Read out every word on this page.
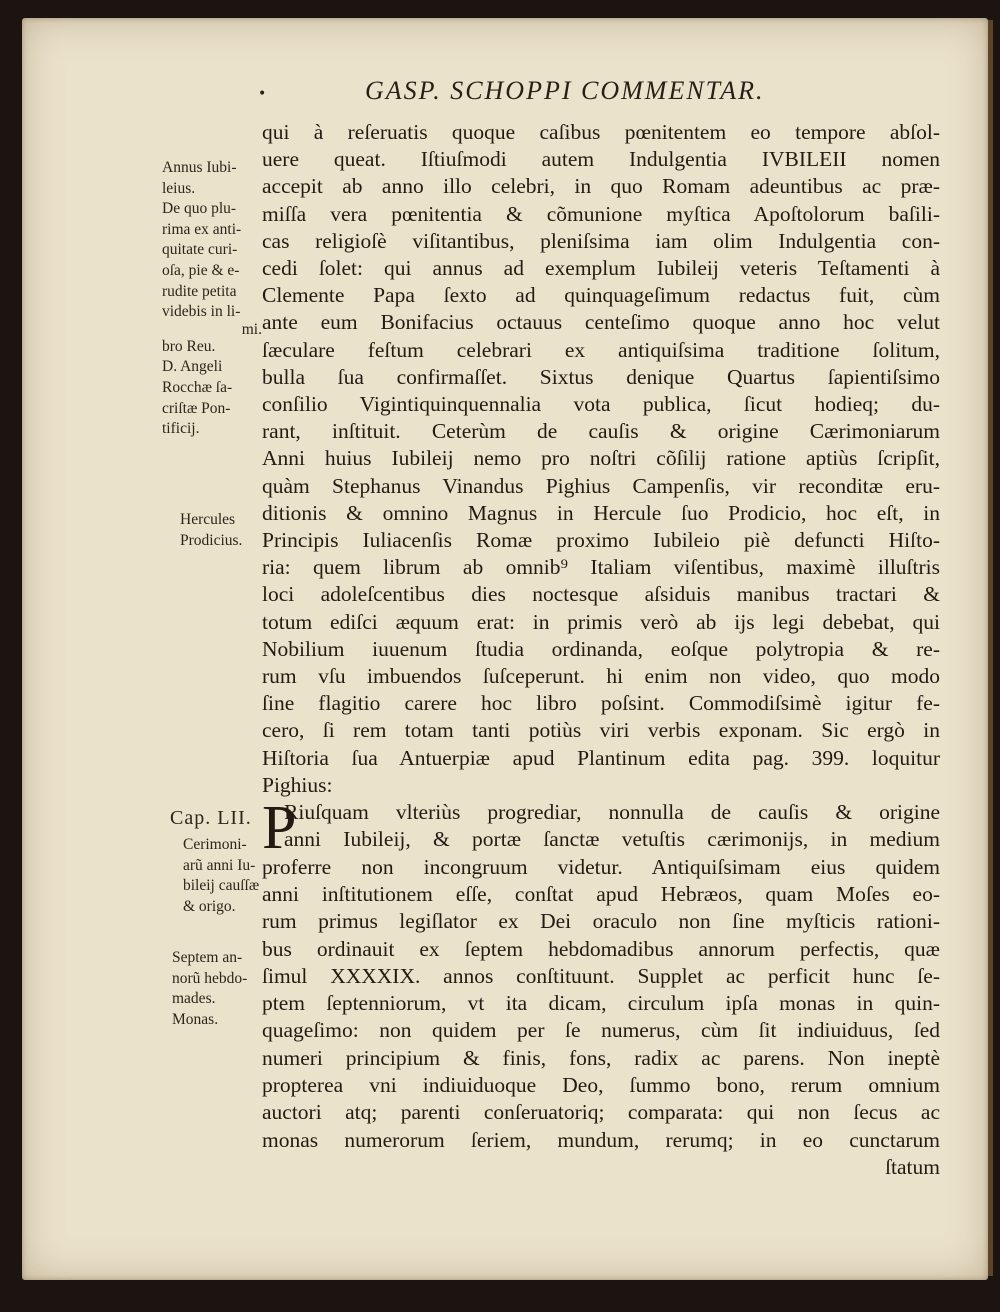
•	GASP. SCHOPPI COMMENTAR.
P
qui à reſeruatis quoque caſibus pœnitentem eo tempore abſol-
uere queat. Iſtiuſmodi autem Indulgentia IVBILEII nomen
accepit ab anno illo celebri, in quo Romam adeuntibus ac præ-
miſſa vera pœnitentia & cõmunione myſtica Apoſtolorum baſili-
cas religioſè viſitantibus, pleniſsima iam olim Indulgentia con-
cedi ſolet: qui annus ad exemplum Iubileij veteris Teſtamenti à
Clemente Papa ſexto ad quinquageſimum redactus fuit, cùm
ante eum Bonifacius octauus centeſimo quoque anno hoc velut
ſæculare feſtum celebrari ex antiquiſsima traditione ſolitum,
bulla ſua confirmaſſet. Sixtus denique Quartus ſapientiſsimo
conſilio Vigintiquinquennalia vota publica, ſicut hodieq; du-
rant, inſtituit. Ceterùm de cauſis & origine Cærimoniarum
Anni huius Iubileij nemo pro noſtri cõſilij ratione aptiùs ſcripſit,
quàm Stephanus Vinandus Pighius Campenſis, vir reconditæ eru-
ditionis & omnino Magnus in Hercule ſuo Prodicio, hoc eſt, in
Principis Iuliacenſis Romæ proximo Iubileio piè defuncti Hiſto-
ria: quem librum ab omnib⁹ Italiam viſentibus, maximè illuſtris
loci adoleſcentibus dies noctesque aſsiduis manibus tractari &
totum ediſci æquum erat: in primis verò ab ijs legi debebat, qui
Nobilium iuuenum ſtudia ordinanda, eoſque polytropia & re-
rum vſu imbuendos ſuſceperunt. hi enim non video, quo modo
ſine flagitio carere hoc libro poſsint. Commodiſsimè igitur fe-
cero, ſi rem totam tanti potiùs viri verbis exponam. Sic ergò in
Hiſtoria ſua Antuerpiæ apud Plantinum edita pag. 399. loquitur
Pighius:
Riuſquam vlteriùs progrediar, nonnulla de cauſis & origine
anni Iubileij, & portæ ſanctæ vetuſtis cærimonijs, in medium
proferre non incongruum videtur. Antiquiſsimam eius quidem
anni inſtitutionem eſſe, conſtat apud Hebræos, quam Moſes eo-
rum primus legiſlator ex Dei oraculo non ſine myſticis rationi-
bus ordinauit ex ſeptem hebdomadibus annorum perfectis, quæ
ſimul XXXXIX. annos conſtituunt. Supplet ac perficit hunc ſe-
ptem ſeptenniorum, vt ita dicam, circulum ipſa monas in quin-
quageſimo: non quidem per ſe numerus, cùm ſit indiuiduus, ſed
numeri principium & finis, fons, radix ac parens. Non ineptè
propterea vni indiuiduoque Deo, ſummo bono, rerum omnium
auctori atq; parenti conſeruatoriq; comparata: qui non ſecus ac
monas numerorum ſeriem, mundum, rerumq; in eo cunctarum
ſtatum
Annus Iubi-
leius.
De quo plu-
rima ex anti-
quitate curi-
oſa, pie & e-
rudite petita
videbis in li-
mi.
bro Reu.
D. Angeli
Rocchæ ſa-
criſtæ Pon-
tificij.
Hercules
Prodicius.
Cap. LII.
Cerimoni-
arũ anni Iu-
bileij cauſſæ
& origo.
Septem an-
norũ hebdo-
mades.
Monas.
